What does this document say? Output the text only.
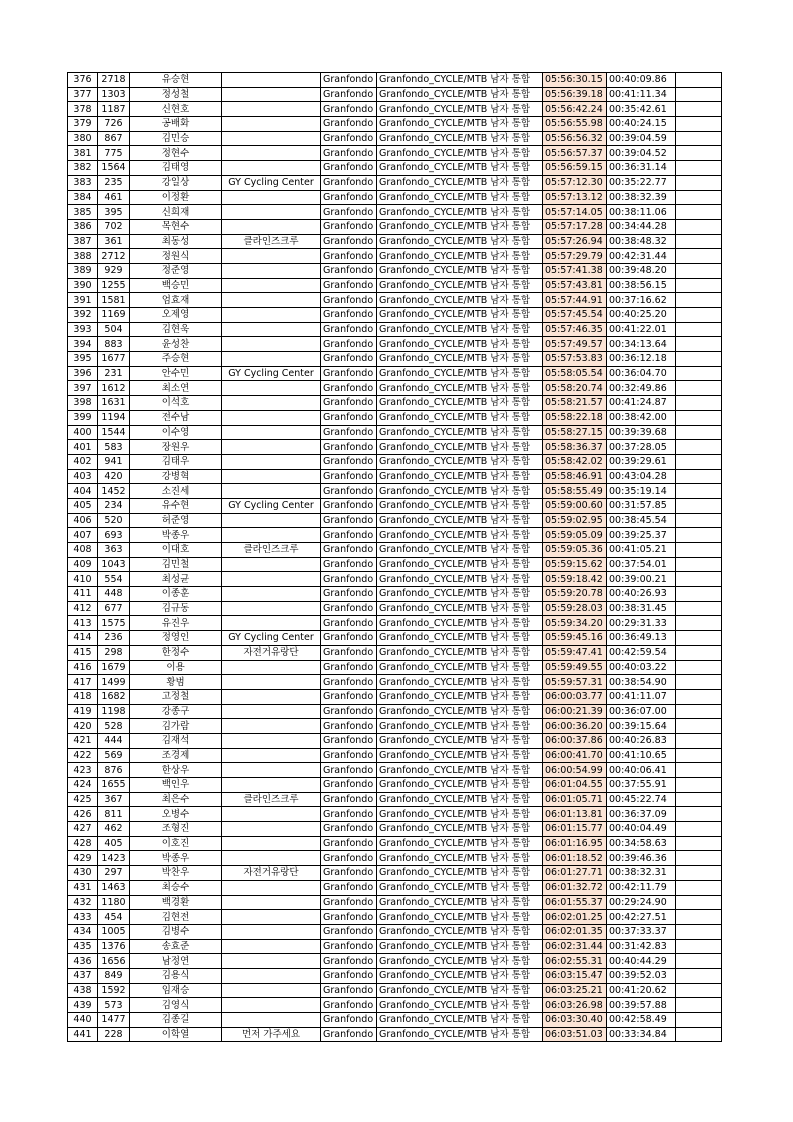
376	2718	유승현		Granfondo	Granfondo_CYCLE/MTB 남자 통합	05:56:30.15	00:40:09.86	
377	1303	정성철		Granfondo	Granfondo_CYCLE/MTB 남자 통합	05:56:39.18	00:41:11.34	
378	1187	신현호		Granfondo	Granfondo_CYCLE/MTB 남자 통합	05:56:42.24	00:35:42.61	
379	726	공배화		Granfondo	Granfondo_CYCLE/MTB 남자 통합	05:56:55.98	00:40:24.15	
380	867	김민승		Granfondo	Granfondo_CYCLE/MTB 남자 통합	05:56:56.32	00:39:04.59	
381	775	정현수		Granfondo	Granfondo_CYCLE/MTB 남자 통합	05:56:57.37	00:39:04.52	
382	1564	김태영		Granfondo	Granfondo_CYCLE/MTB 남자 통합	05:56:59.15	00:36:31.14	
383	235	강일상	GY Cycling Center	Granfondo	Granfondo_CYCLE/MTB 남자 통합	05:57:12.30	00:35:22.77	
384	461	이정환		Granfondo	Granfondo_CYCLE/MTB 남자 통합	05:57:13.12	00:38:32.39	
385	395	신희재		Granfondo	Granfondo_CYCLE/MTB 남자 통합	05:57:14.05	00:38:11.06	
386	702	목현수		Granfondo	Granfondo_CYCLE/MTB 남자 통합	05:57:17.28	00:34:44.28	
387	361	최동성	클라인즈크루	Granfondo	Granfondo_CYCLE/MTB 남자 통합	05:57:26.94	00:38:48.32	
388	2712	정원식		Granfondo	Granfondo_CYCLE/MTB 남자 통합	05:57:29.79	00:42:31.44	
389	929	정준영		Granfondo	Granfondo_CYCLE/MTB 남자 통합	05:57:41.38	00:39:48.20	
390	1255	백승민		Granfondo	Granfondo_CYCLE/MTB 남자 통합	05:57:43.81	00:38:56.15	
391	1581	엄효재		Granfondo	Granfondo_CYCLE/MTB 남자 통합	05:57:44.91	00:37:16.62	
392	1169	오제영		Granfondo	Granfondo_CYCLE/MTB 남자 통합	05:57:45.54	00:40:25.20	
393	504	김현욱		Granfondo	Granfondo_CYCLE/MTB 남자 통합	05:57:46.35	00:41:22.01	
394	883	윤성찬		Granfondo	Granfondo_CYCLE/MTB 남자 통합	05:57:49.57	00:34:13.64	
395	1677	주승현		Granfondo	Granfondo_CYCLE/MTB 남자 통합	05:57:53.83	00:36:12.18	
396	231	안수민	GY Cycling Center	Granfondo	Granfondo_CYCLE/MTB 남자 통합	05:58:05.54	00:36:04.70	
397	1612	최소연		Granfondo	Granfondo_CYCLE/MTB 남자 통합	05:58:20.74	00:32:49.86	
398	1631	이석호		Granfondo	Granfondo_CYCLE/MTB 남자 통합	05:58:21.57	00:41:24.87	
399	1194	전수남		Granfondo	Granfondo_CYCLE/MTB 남자 통합	05:58:22.18	00:38:42.00	
400	1544	이수영		Granfondo	Granfondo_CYCLE/MTB 남자 통합	05:58:27.15	00:39:39.68	
401	583	장원우		Granfondo	Granfondo_CYCLE/MTB 남자 통합	05:58:36.37	00:37:28.05	
402	941	김태우		Granfondo	Granfondo_CYCLE/MTB 남자 통합	05:58:42.02	00:39:29.61	
403	420	강병혁		Granfondo	Granfondo_CYCLE/MTB 남자 통합	05:58:46.91	00:43:04.28	
404	1452	소진세		Granfondo	Granfondo_CYCLE/MTB 남자 통합	05:58:55.49	00:35:19.14	
405	234	유수현	GY Cycling Center	Granfondo	Granfondo_CYCLE/MTB 남자 통합	05:59:00.60	00:31:57.85	
406	520	허준영		Granfondo	Granfondo_CYCLE/MTB 남자 통합	05:59:02.95	00:38:45.54	
407	693	박종우		Granfondo	Granfondo_CYCLE/MTB 남자 통합	05:59:05.09	00:39:25.37	
408	363	이대호	클라인즈크루	Granfondo	Granfondo_CYCLE/MTB 남자 통합	05:59:05.36	00:41:05.21	
409	1043	김민철		Granfondo	Granfondo_CYCLE/MTB 남자 통합	05:59:15.62	00:37:54.01	
410	554	최성균		Granfondo	Granfondo_CYCLE/MTB 남자 통합	05:59:18.42	00:39:00.21	
411	448	이종훈		Granfondo	Granfondo_CYCLE/MTB 남자 통합	05:59:20.78	00:40:26.93	
412	677	김규동		Granfondo	Granfondo_CYCLE/MTB 남자 통합	05:59:28.03	00:38:31.45	
413	1575	유진우		Granfondo	Granfondo_CYCLE/MTB 남자 통합	05:59:34.20	00:29:31.33	
414	236	정영인	GY Cycling Center	Granfondo	Granfondo_CYCLE/MTB 남자 통합	05:59:45.16	00:36:49.13	
415	298	한정수	자전거유랑단	Granfondo	Granfondo_CYCLE/MTB 남자 통합	05:59:47.41	00:42:59.54	
416	1679	이용		Granfondo	Granfondo_CYCLE/MTB 남자 통합	05:59:49.55	00:40:03.22	
417	1499	황범		Granfondo	Granfondo_CYCLE/MTB 남자 통합	05:59:57.31	00:38:54.90	
418	1682	고정철		Granfondo	Granfondo_CYCLE/MTB 남자 통합	06:00:03.77	00:41:11.07	
419	1198	강종구		Granfondo	Granfondo_CYCLE/MTB 남자 통합	06:00:21.39	00:36:07.00	
420	528	김가람		Granfondo	Granfondo_CYCLE/MTB 남자 통합	06:00:36.20	00:39:15.64	
421	444	김재석		Granfondo	Granfondo_CYCLE/MTB 남자 통합	06:00:37.86	00:40:26.83	
422	569	조경제		Granfondo	Granfondo_CYCLE/MTB 남자 통합	06:00:41.70	00:41:10.65	
423	876	한상우		Granfondo	Granfondo_CYCLE/MTB 남자 통합	06:00:54.99	00:40:06.41	
424	1655	백인우		Granfondo	Granfondo_CYCLE/MTB 남자 통합	06:01:04.55	00:37:55.91	
425	367	최은수	클라인즈크루	Granfondo	Granfondo_CYCLE/MTB 남자 통합	06:01:05.71	00:45:22.74	
426	811	오병수		Granfondo	Granfondo_CYCLE/MTB 남자 통합	06:01:13.81	00:36:37.09	
427	462	조형진		Granfondo	Granfondo_CYCLE/MTB 남자 통합	06:01:15.77	00:40:04.49	
428	405	이호진		Granfondo	Granfondo_CYCLE/MTB 남자 통합	06:01:16.95	00:34:58.63	
429	1423	박종우		Granfondo	Granfondo_CYCLE/MTB 남자 통합	06:01:18.52	00:39:46.36	
430	297	박찬우	자전거유랑단	Granfondo	Granfondo_CYCLE/MTB 남자 통합	06:01:27.71	00:38:32.31	
431	1463	최승수		Granfondo	Granfondo_CYCLE/MTB 남자 통합	06:01:32.72	00:42:11.79	
432	1180	백경환		Granfondo	Granfondo_CYCLE/MTB 남자 통합	06:01:55.37	00:29:24.90	
433	454	김현전		Granfondo	Granfondo_CYCLE/MTB 남자 통합	06:02:01.25	00:42:27.51	
434	1005	김병수		Granfondo	Granfondo_CYCLE/MTB 남자 통합	06:02:01.35	00:37:33.37	
435	1376	송효준		Granfondo	Granfondo_CYCLE/MTB 남자 통합	06:02:31.44	00:31:42.83	
436	1656	남정연		Granfondo	Granfondo_CYCLE/MTB 남자 통합	06:02:55.31	00:40:44.29	
437	849	김용식		Granfondo	Granfondo_CYCLE/MTB 남자 통합	06:03:15.47	00:39:52.03	
438	1592	임재승		Granfondo	Granfondo_CYCLE/MTB 남자 통합	06:03:25.21	00:41:20.62	
439	573	김영식		Granfondo	Granfondo_CYCLE/MTB 남자 통합	06:03:26.98	00:39:57.88	
440	1477	김종길		Granfondo	Granfondo_CYCLE/MTB 남자 통합	06:03:30.40	00:42:58.49	
441	228	이학열	먼저 가주세요	Granfondo	Granfondo_CYCLE/MTB 남자 통합	06:03:51.03	00:33:34.84	
